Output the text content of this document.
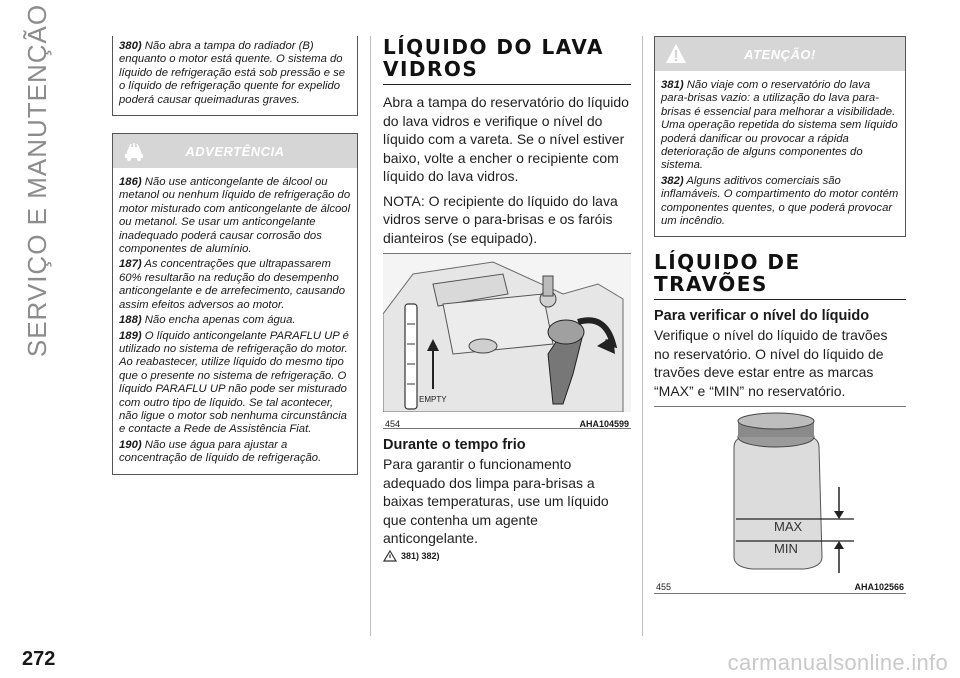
SERVIÇO E MANUTENÇÃO	380) Não abra a tampa do radiador (B) enquanto o motor está quente. O sistema do líquido de refrigeração está sob pressão e se o líquido de refrigeração quente for expelido poderá causar queimaduras graves.

ADVERTÊNCIA

186) Não use anticongelante de álcool ou metanol ou nenhum líquido de refrigeração do motor misturado com anticongelante de álcool ou metanol. Se usar um anticongelante inadequado poderá causar corrosão dos componentes de alumínio.

187) As concentrações que ultrapassarem 60% resultarão na redução do desempenho anticongelante e de arrefecimento, causando assim efeitos adversos ao motor.

188) Não encha apenas com água.

189) O líquido anticongelante PARAFLU UP é utilizado no sistema de refrigeração do motor. Ao reabastecer, utilize líquido do mesmo tipo que o presente no sistema de refrigeração. O líquido PARAFLU UP não pode ser misturado com outro tipo de líquido. Se tal acontecer, não ligue o motor sob nenhuma circunstância e contacte a Rede de Assistência Fiat.

190) Não use água para ajustar a concentração de líquido de refrigeração.

LÍQUIDO DO LAVA VIDROS

Abra a tampa do reservatório do líquido do lava vidros e verifique o nível do líquido com a vareta. Se o nível estiver baixo, volte a encher o recipiente com líquido do lava vidros.

NOTA: O recipiente do líquido do lava vidros serve o para-brisas e os faróis dianteiros (se equipado).

EMPTY
454	AHA104599
Durante o tempo frio

Para garantir o funcionamento adequado dos limpa para-brisas a baixas temperaturas, use um líquido que contenha um agente anticongelante.

381) 382)
ATENÇÃO!

381) Não viaje com o reservatório do lava para-brisas vazio: a utilização do lava para-brisas é essencial para melhorar a visibilidade. Uma operação repetida do sistema sem líquido poderá danificar ou provocar a rápida deterioração de alguns componentes do sistema.

382) Alguns aditivos comerciais são inflamáveis. O compartimento do motor contém componentes quentes, o que poderá provocar um incêndio.

LÍQUIDO DE TRAVÕES
Para verificar o nível do líquido

Verifique o nível do líquido de travões no reservatório. O nível do líquido de travões deve estar entre as marcas “MAX” e “MIN” no reservatório.

MAX
MIN
455	AHA102566
272	carmanualsonline.info
